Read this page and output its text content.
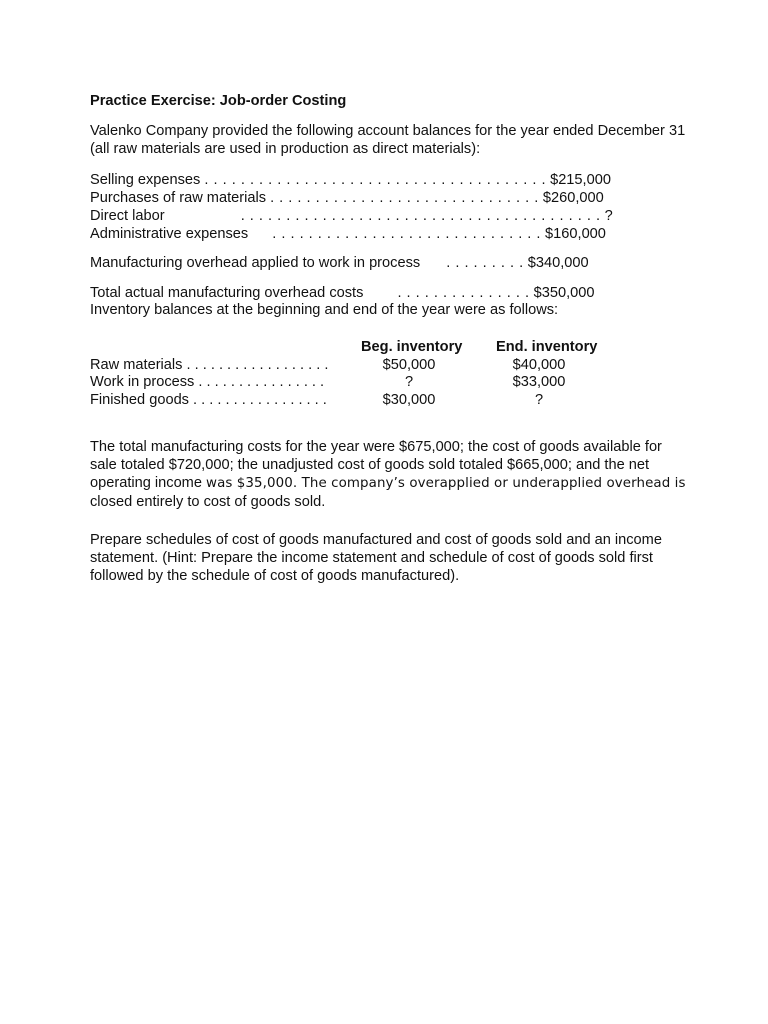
Practice Exercise: Job-order Costing

Valenko Company provided the following account balances for the year ended December 31 (all raw materials are used in production as direct materials):

Selling expenses . . . . . . . . . . . . . . . . . . . . . . . . . . . . . . . . . . . . . . $215,000
Purchases of raw materials . . . . . . . . . . . . . . . . . . . . . . . . . . . . . . $260,000
Direct labor	. . . . . . . . . . . . . . . . . . . . . . . . . . . . . . . . . . . . . . . . ?
Administrative expenses . . . . . . . . . . . . . . . . . . . . . . . . . . . . . . $160,000
Manufacturing overhead applied to work in process . . . . . . . . . $340,000
Total actual manufacturing overhead costs . . . . . . . . . . . . . . . $350,000
Inventory balances at the beginning and end of the year were as follows:
Beg. inventory End. inventory
Raw materials . . . . . . . . . . . . . . . . . .	$50,000	$40,000
Work in process . . . . . . . . . . . . . . . .	?	$33,000
Finished goods . . . . . . . . . . . . . . . . .	$30,000	?

The total manufacturing costs for the year were $675,000; the cost of goods available for sale totaled $720,000; the unadjusted cost of goods sold totaled $665,000; and the net operating income was $35,000. The company’s overapplied or underapplied overhead is closed entirely to cost of goods sold.

Prepare schedules of cost of goods manufactured and cost of goods sold and an income statement. (Hint: Prepare the income statement and schedule of cost of goods sold first followed by the schedule of cost of goods manufactured).
